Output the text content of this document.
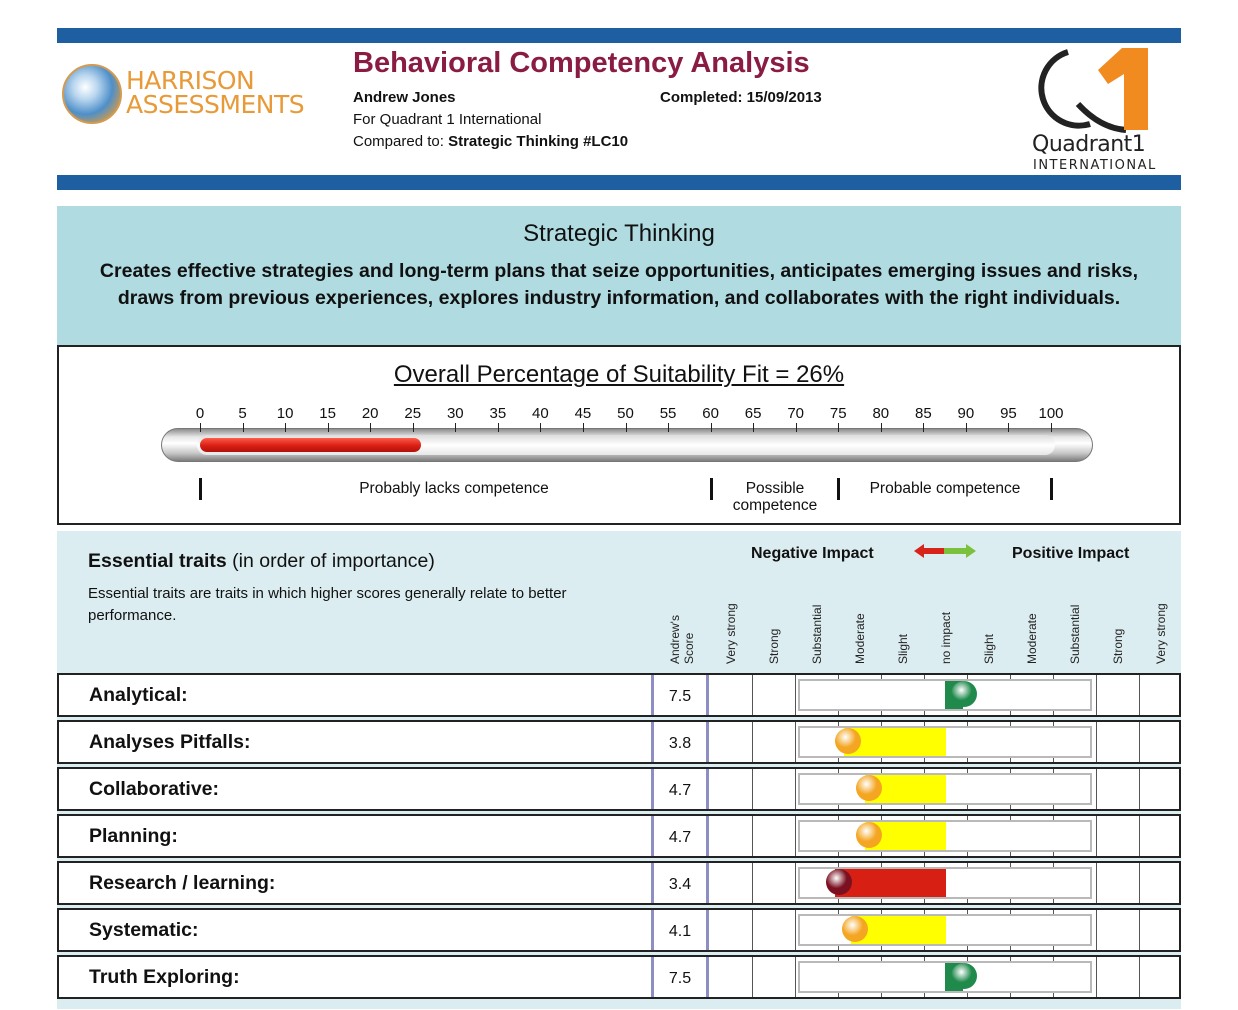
HARRISON
ASSESSMENTS
Behavioral Competency Analysis
Andrew Jones	Completed: 15/09/2013
For Quadrant 1 International
Compared to: Strategic Thinking #LC10	Quadrant1
INTERNATIONAL
Strategic Thinking
Creates effective strategies and long-term plans that seize opportunities, anticipates emerging issues and risks, draws from previous experiences, explores industry information, and collaborates with the right individuals.
Overall Percentage of Suitability Fit = 26%
Probably lacks competence	Possible competence
Probable competence
0	5	10	15	20	25	30	35	40	45	50	55	60	65	70	75	80	85	90	95	100
Essential traits (in order of importance)
Essential traits are traits in which higher scores generally relate to better performance.
Negative Impact	Positive Impact
Andrew's Score Very strong Strong Substantial Moderate Slight no impact Slight Moderate Substantial Strong Very strong
Analytical:	7.5
Analyses Pitfalls:	3.8
Collaborative:	4.7
Planning:	4.7
Research / learning:	3.4
Systematic:	4.1
Truth Exploring:	7.5
